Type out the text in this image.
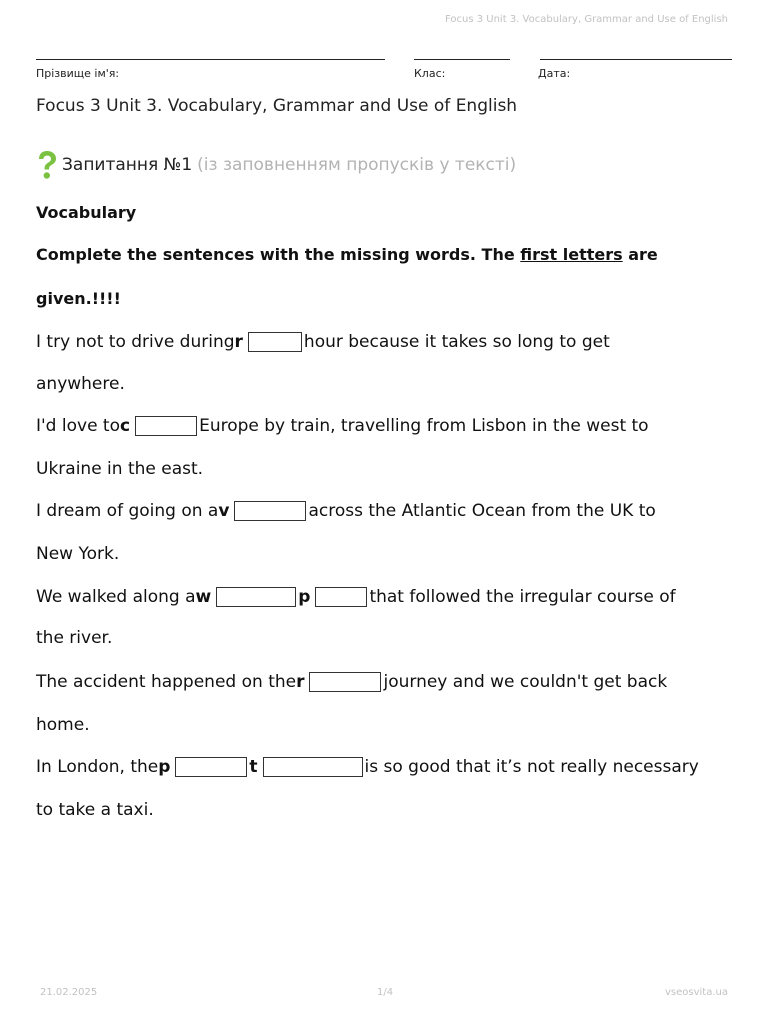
Focus 3 Unit 3. Vocabulary, Grammar and Use of English
Прізвище ім'я:	Клас:	Дата:
Focus 3 Unit 3. Vocabulary, Grammar and Use of English
Запитання №1 (із заповненням пропусків у тексті)
Vocabulary
Complete the sentences with the missing words. The first letters are
given.!!!!
I try not to drive during r	hour because it takes so long to get
anywhere.
I'd love to c	Europe by train, travelling from Lisbon in the west to
Ukraine in the east.
I dream of going on a v	across the Atlantic Ocean from the UK to
New York.
We walked along a w	p	that followed the irregular course of
the river.
The accident happened on the r	journey and we couldn't get back
home.
In London, the p	t	is so good that it’s not really necessary
to take a taxi.
21.02.2025	1/4	vseosvita.ua
